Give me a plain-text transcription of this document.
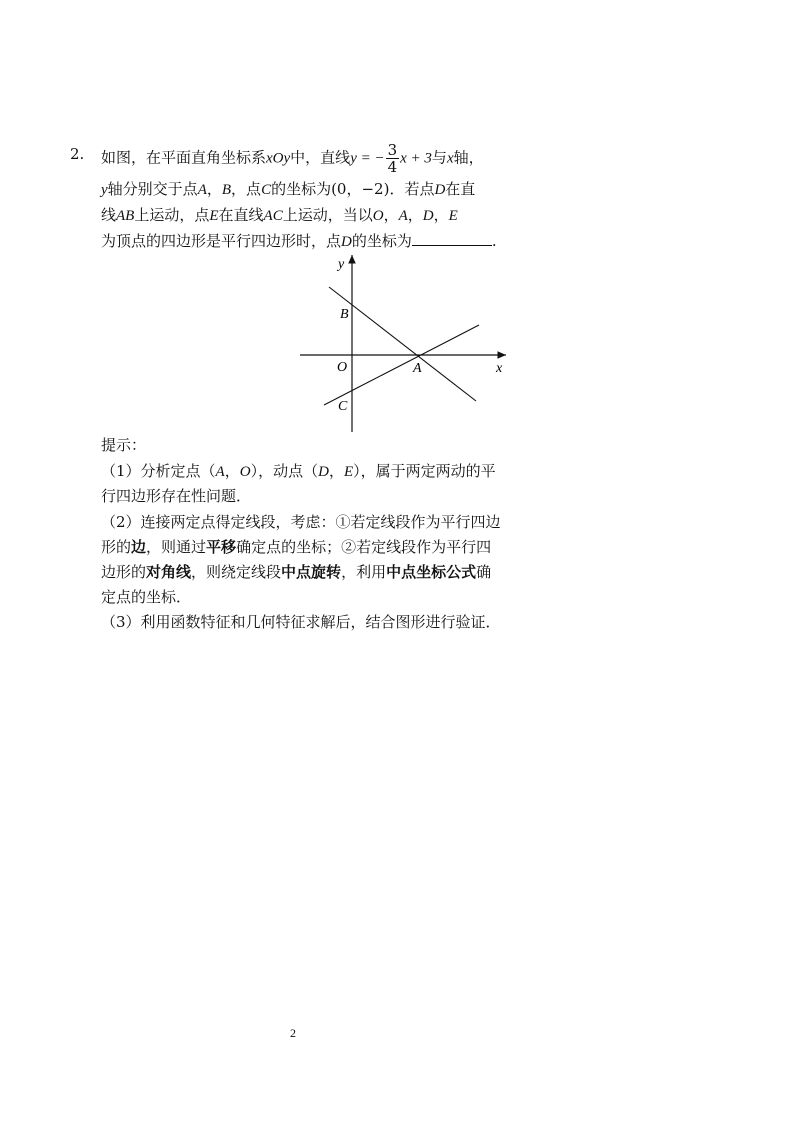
2. 如图，在平面直角坐标系xOy中，直线y = − $\frac{3}{4}$ x + 3与x轴，
y轴分别交于点A，B，点C的坐标为(0，−2)．若点D在直
线AB上运动，点E在直线AC上运动，当以O，A，D，E
为顶点的四边形是平行四边形时，点D的坐标为	.
y
x
O	A
B
C
提示：
（1）分析定点（A，O），动点（D，E），属于两定两动的平
行四边形存在性问题．
（2）连接两定点得定线段，考虑：①若定线段作为平行四边
形的边，则通过平移确定点的坐标；②若定线段作为平行四
边形的对角线，则绕定线段中点旋转，利用中点坐标公式确
定点的坐标．
（3）利用函数特征和几何特征求解后，结合图形进行验证．
2
